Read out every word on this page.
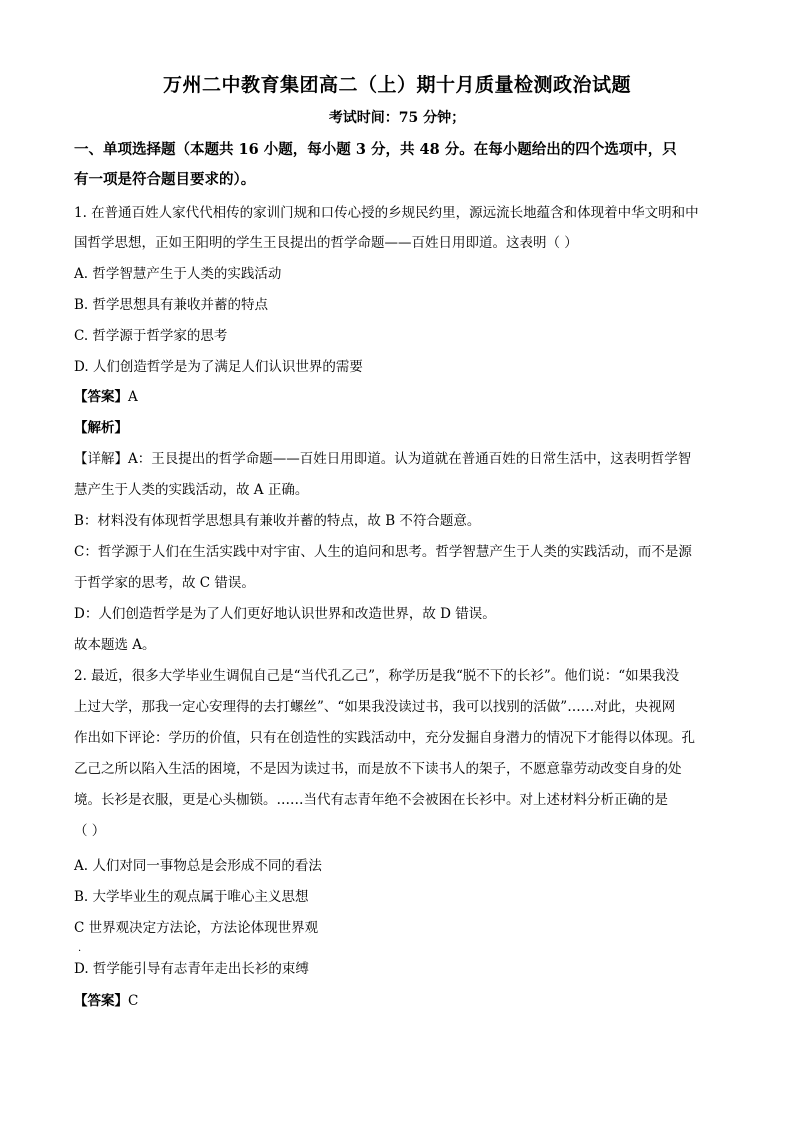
万州二中教育集团高二（上）期十月质量检测政治试题
考试时间：75 分钟；
一、单项选择题（本题共 16 小题，每小题 3 分，共 48 分。在每小题给出的四个选项中，只
有一项是符合题目要求的）。
1. 在普通百姓人家代代相传的家训门规和口传心授的乡规民约里，源远流长地蕴含和体现着中华文明和中
国哲学思想，正如王阳明的学生王艮提出的哲学命题——百姓日用即道。这表明（ ）
A. 哲学智慧产生于人类的实践活动
B. 哲学思想具有兼收并蓄的特点
C. 哲学源于哲学家的思考
D. 人们创造哲学是为了满足人们认识世界的需要
【答案】A
【解析】
【详解】A：王艮提出的哲学命题——百姓日用即道。认为道就在普通百姓的日常生活中，这表明哲学智
慧产生于人类的实践活动，故 A 正确。
B：材料没有体现哲学思想具有兼收并蓄的特点，故 B 不符合题意。
C：哲学源于人们在生活实践中对宇宙、人生的追问和思考。哲学智慧产生于人类的实践活动，而不是源
于哲学家的思考，故 C 错误。
D：人们创造哲学是为了人们更好地认识世界和改造世界，故 D 错误。
故本题选 A。
2. 最近，很多大学毕业生调侃自己是“当代孔乙己”，称学历是我“脱不下的长衫”。他们说：“如果我没
上过大学，那我一定心安理得的去打螺丝”、“如果我没读过书，我可以找别的活做”……对此，央视网
作出如下评论：学历的价值，只有在创造性的实践活动中，充分发掘自身潜力的情况下才能得以体现。孔
乙己之所以陷入生活的困境，不是因为读过书，而是放不下读书人的架子，不愿意靠劳动改变自身的处
境。长衫是衣服，更是心头枷锁。……当代有志青年绝不会被困在长衫中。对上述材料分析正确的是
（ ）
A. 人们对同一事物总是会形成不同的看法
B. 大学毕业生的观点属于唯心主义思想
C 世界观决定方法论，方法论体现世界观
·
D. 哲学能引导有志青年走出长衫的束缚
【答案】C
